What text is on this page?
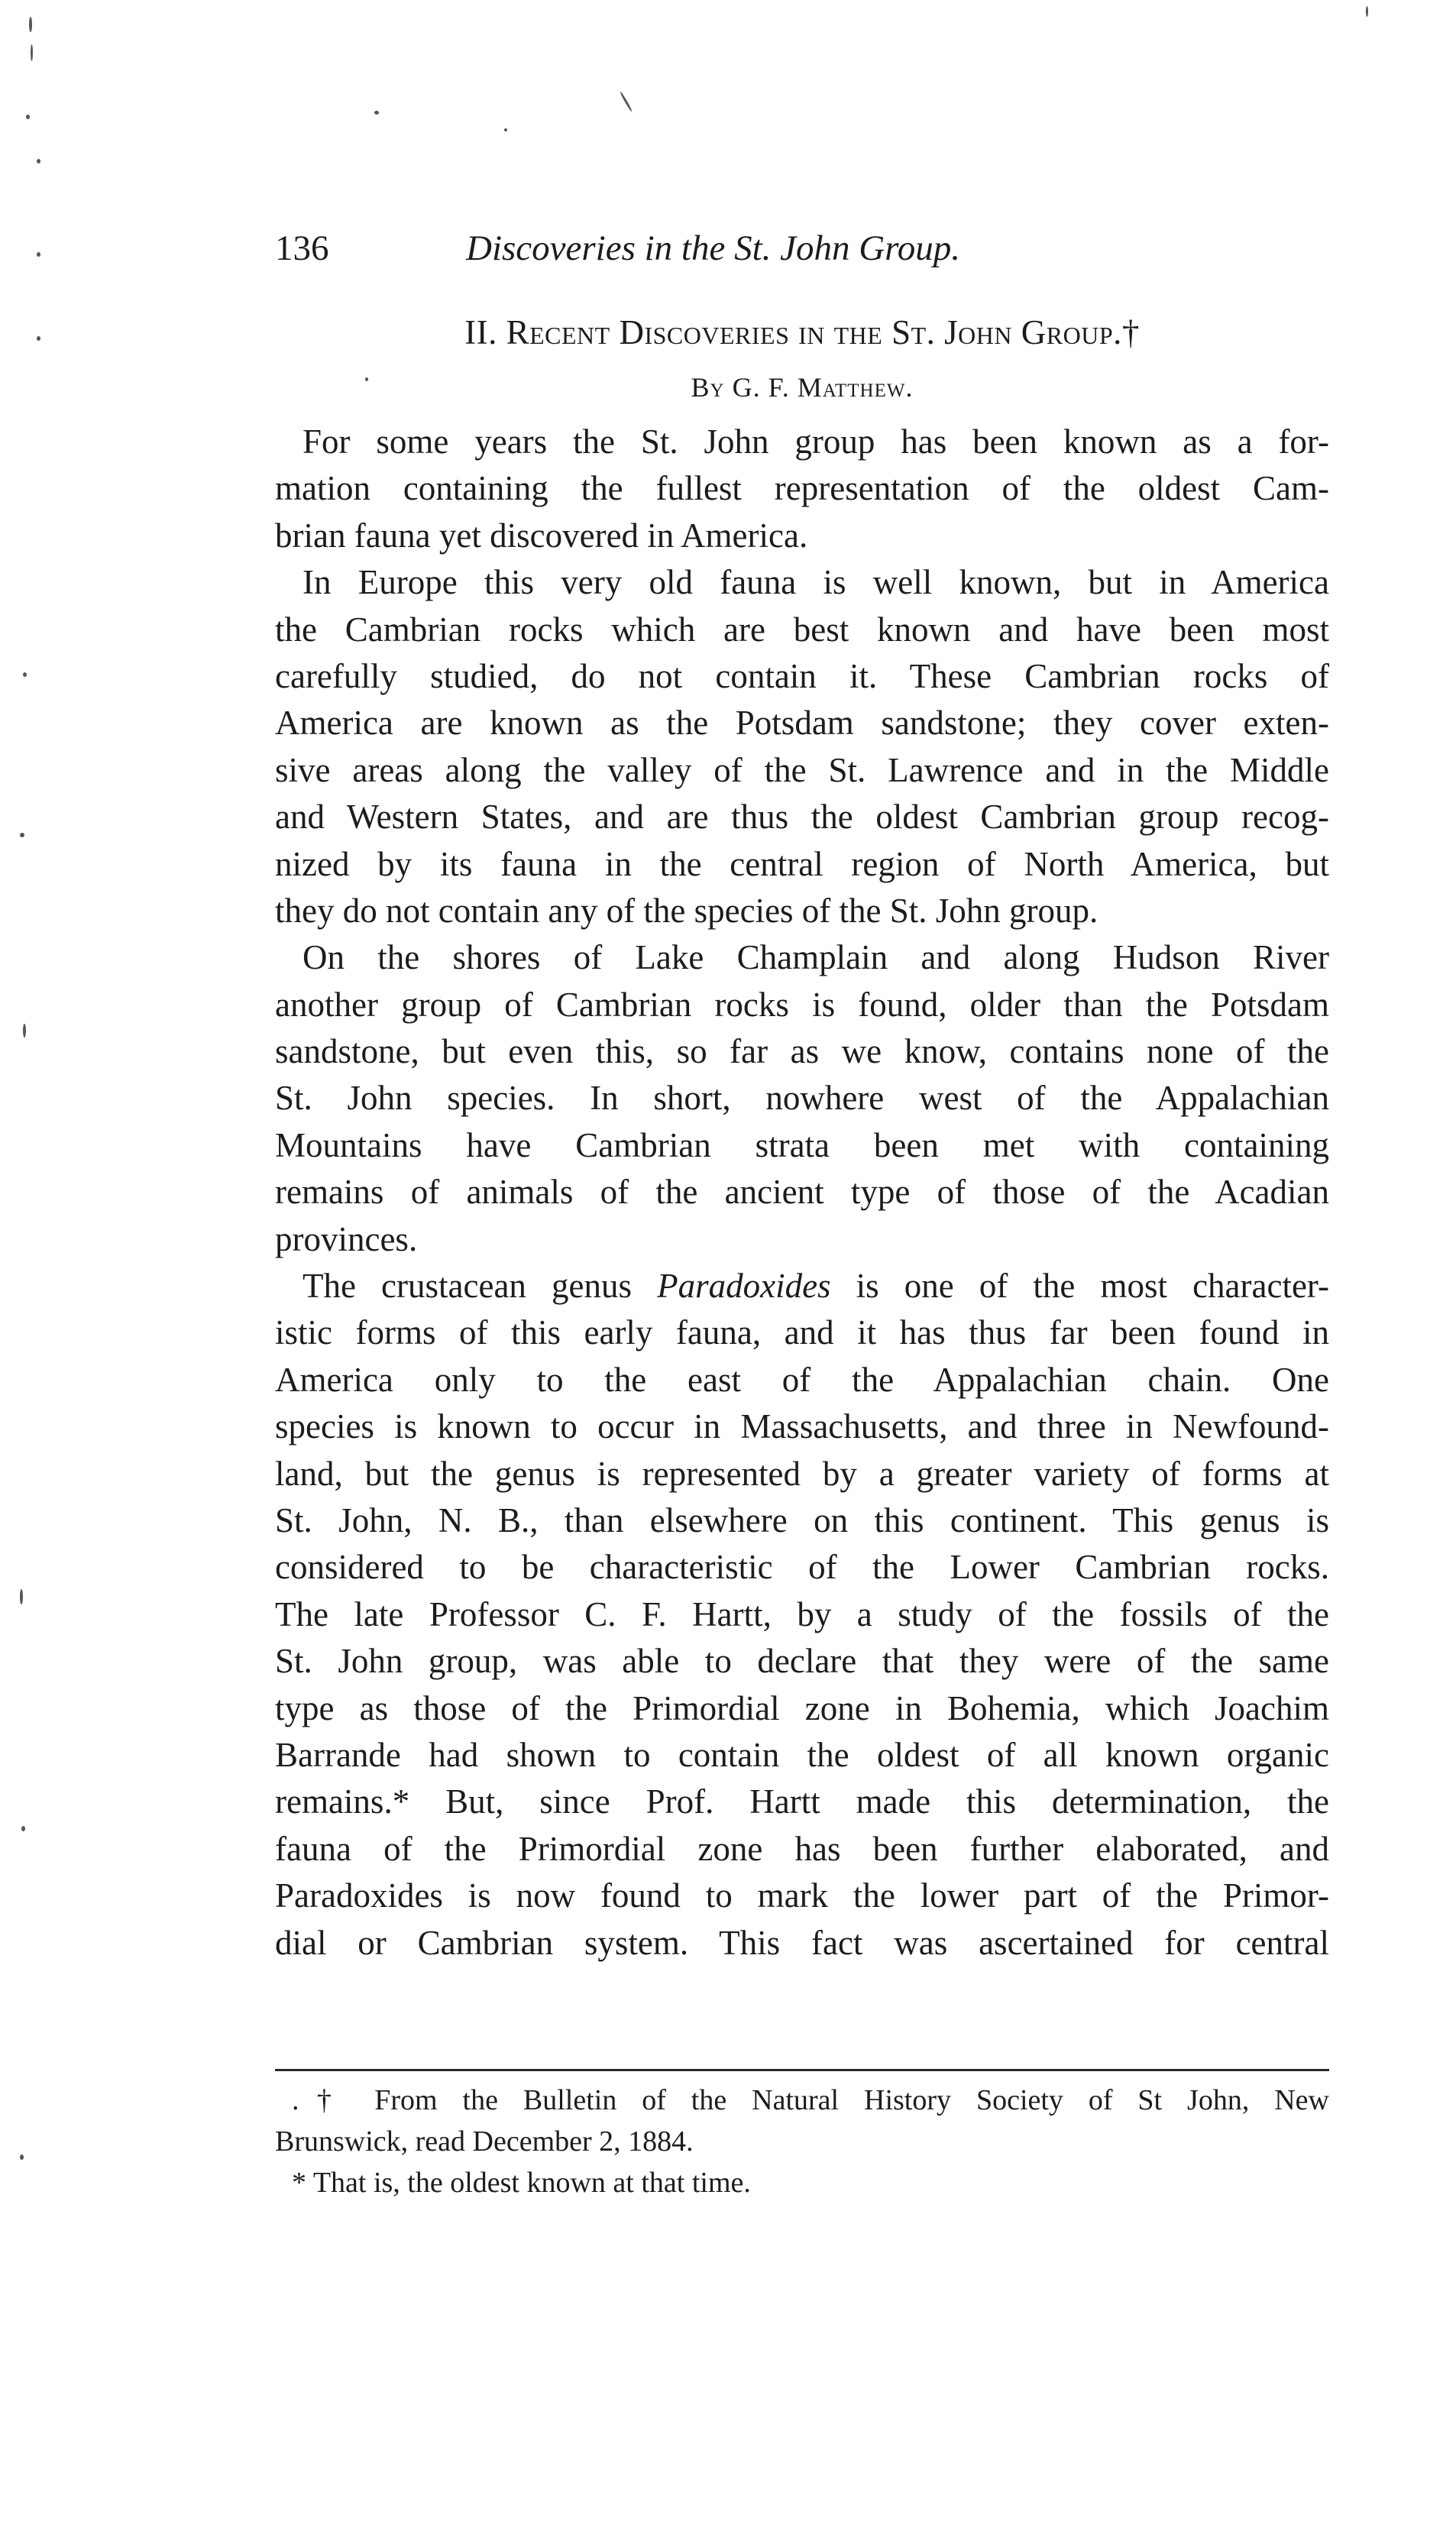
136	Discoveries in the St. John Group.
II. Recent Discoveries in the St. John Group.†
By G. F. Matthew.
For some years the St. John group has been known as a for-
mation containing the fullest representation of the oldest Cam-
brian fauna yet discovered in America.
In Europe this very old fauna is well known, but in America
the Cambrian rocks which are best known and have been most
carefully studied, do not contain it. These Cambrian rocks of
America are known as the Potsdam sandstone; they cover exten-
sive areas along the valley of the St. Lawrence and in the Middle
and Western States, and are thus the oldest Cambrian group recog-
nized by its fauna in the central region of North America, but
they do not contain any of the species of the St. John group.
On the shores of Lake Champlain and along Hudson River
another group of Cambrian rocks is found, older than the Potsdam
sandstone, but even this, so far as we know, contains none of the
St. John species. In short, nowhere west of the Appalachian
Mountains have Cambrian strata been met with containing
remains of animals of the ancient type of those of the Acadian
provinces.
The crustacean genus Paradoxides is one of the most character-
istic forms of this early fauna, and it has thus far been found in
America only to the east of the Appalachian chain. One
species is known to occur in Massachusetts, and three in Newfound-
land, but the genus is represented by a greater variety of forms at
St. John, N. B., than elsewhere on this continent. This genus is
considered to be characteristic of the Lower Cambrian rocks.
The late Professor C. F. Hartt, by a study of the fossils of the
St. John group, was able to declare that they were of the same
type as those of the Primordial zone in Bohemia, which Joachim
Barrande had shown to contain the oldest of all known organic
remains.* But, since Prof. Hartt made this determination, the
fauna of the Primordial zone has been further elaborated, and
Paradoxides is now found to mark the lower part of the Primor-
dial or Cambrian system. This fact was ascertained for central
.† From the Bulletin of the Natural History Society of St John, New
Brunswick, read December 2, 1884.
* That is, the oldest known at that time.
